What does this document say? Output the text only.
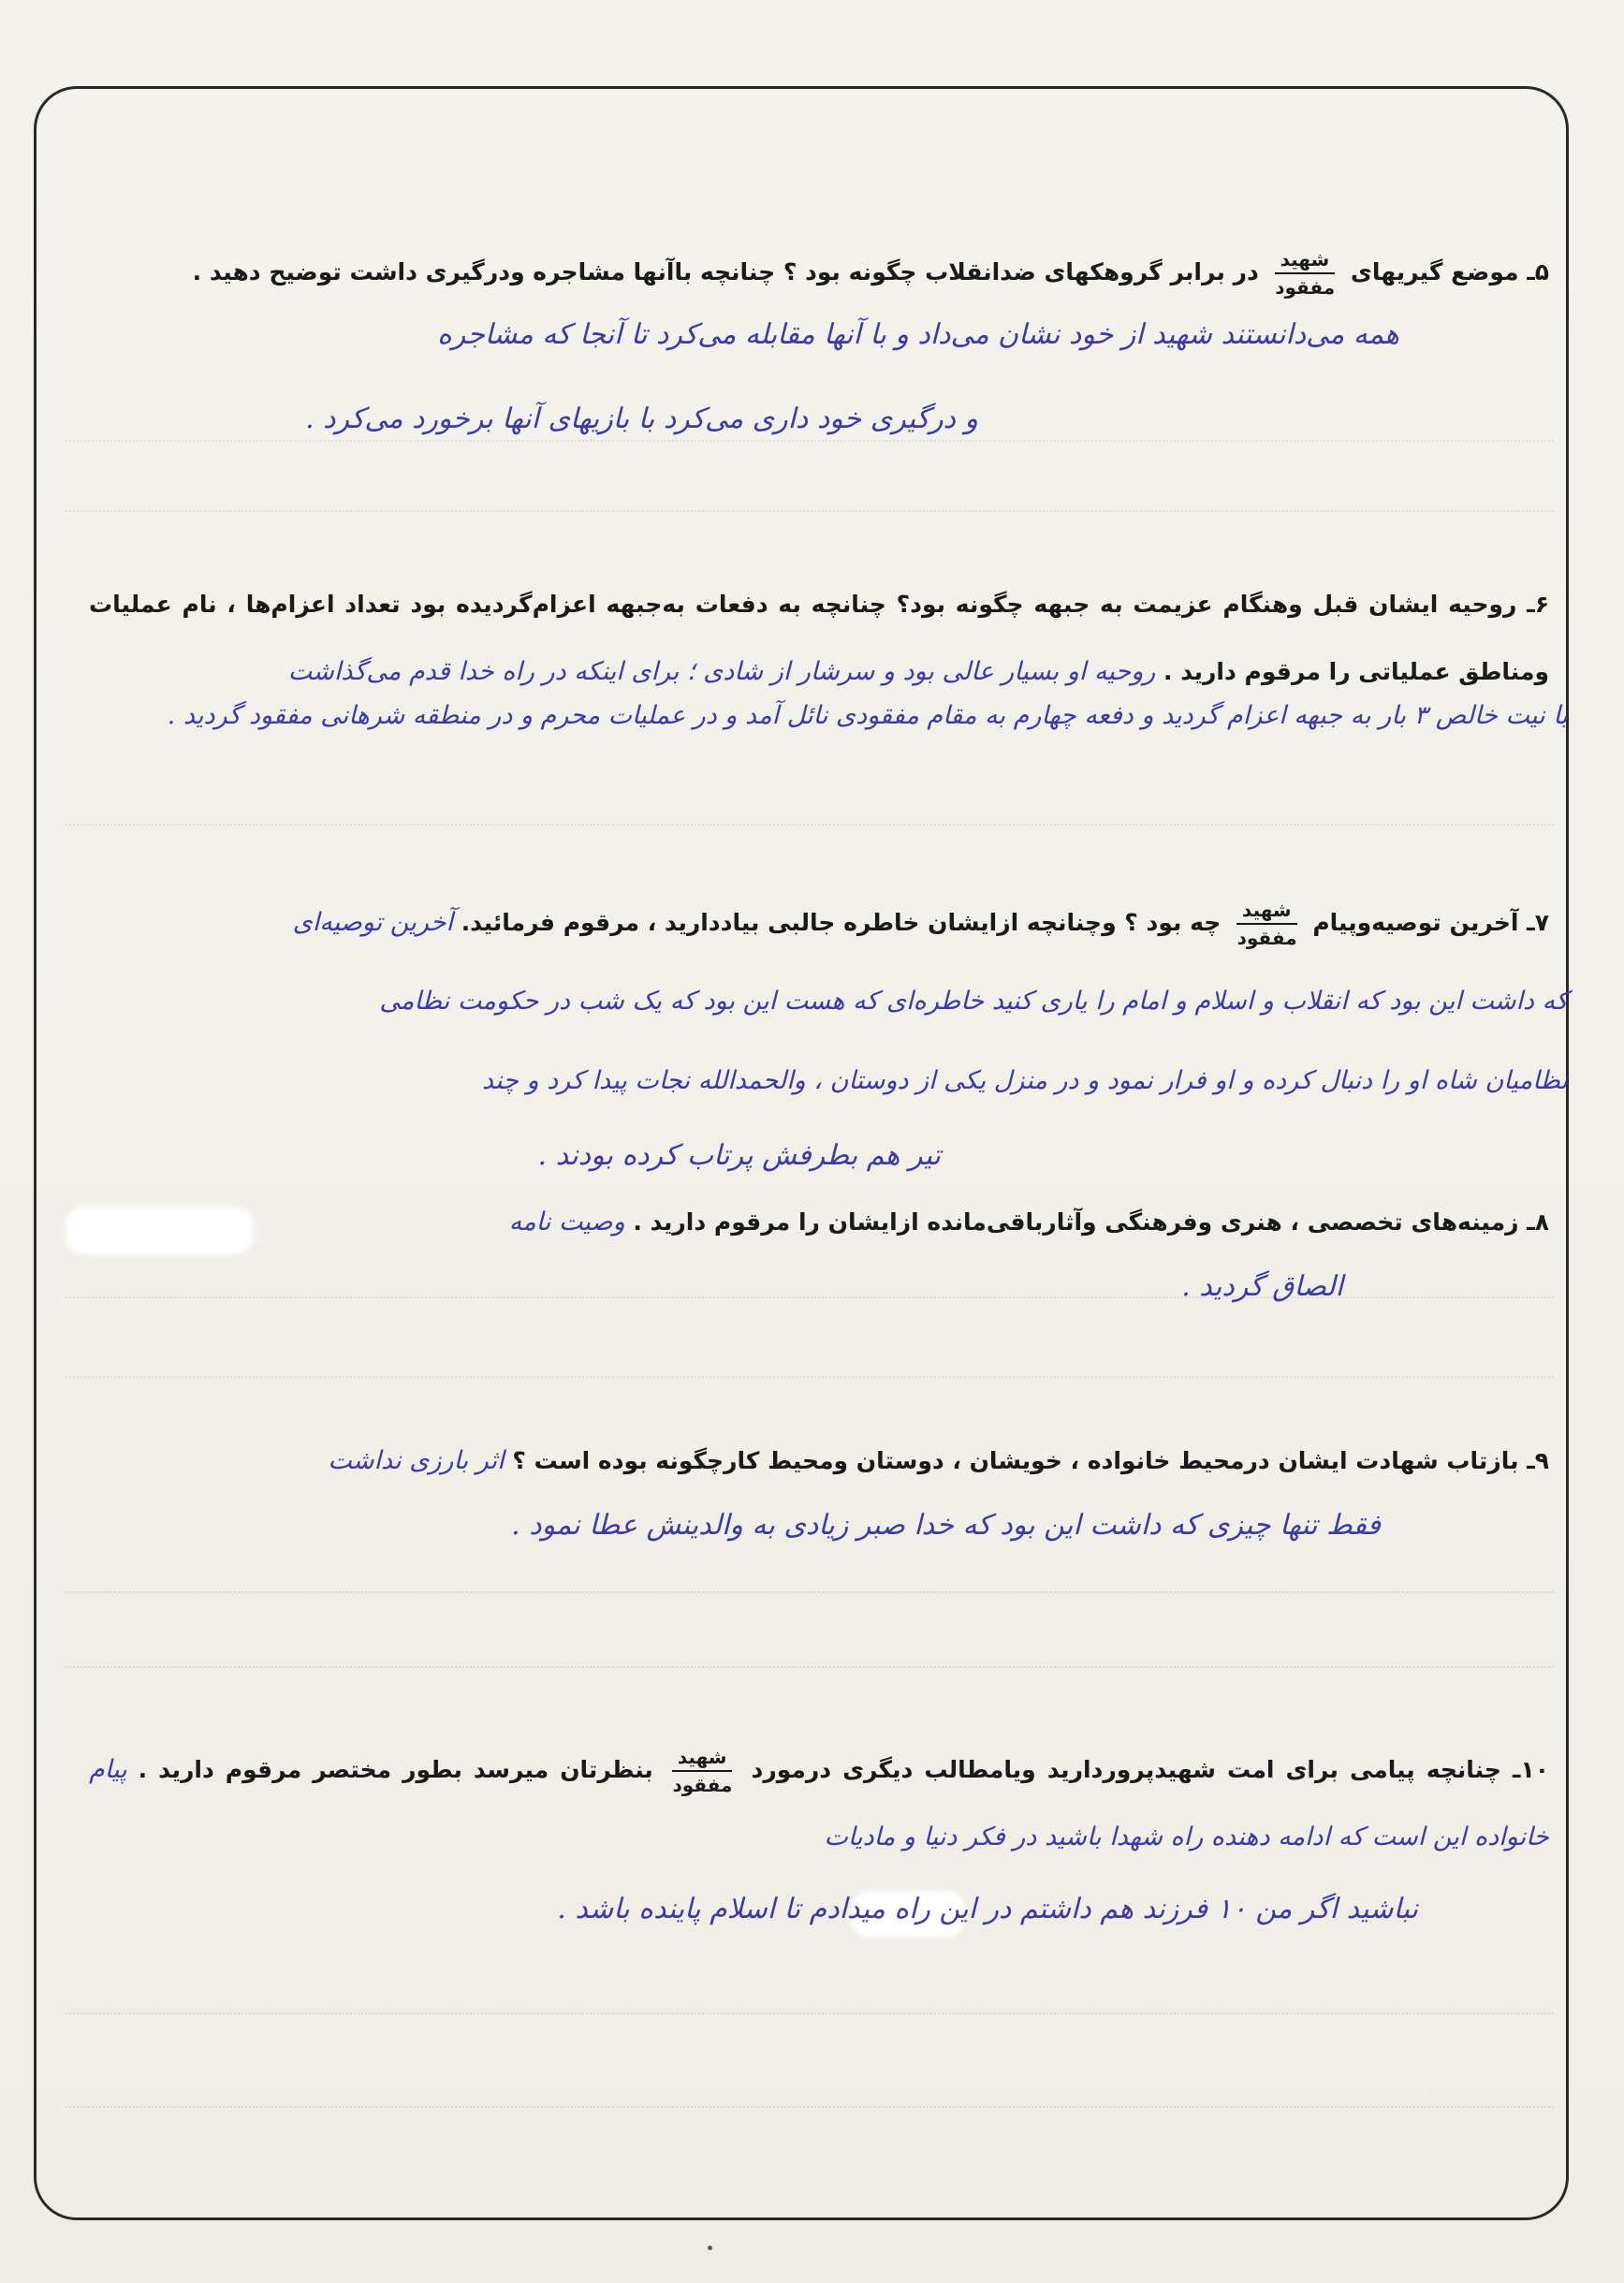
۵ـ موضع گیریهای
$\frac{\text{شهید}}{\text{مفقود}}$
در برابر گروهکهای ضدانقلاب چگونه بود ؟ چنانچه باآنها مشاجره ودرگیری داشت توضیح دهید .
همه می‌دانستند شهید از خود نشان می‌داد و با آنها مقابله می‌کرد تا آنجا که مشاجره
و درگیری خود داری می‌کرد با بازیهای آنها برخورد می‌کرد .
۶ـ روحیه ایشان قبل وهنگام عزیمت به جبهه چگونه بود؟ چنانچه به دفعات به‌جبهه اعزام‌گردیده بود تعداد اعزام‌ها ، نام عملیات ومناطق عملیاتی را مرقوم دارید . روحیه او بسیار عالی بود و سرشار از شادی ؛ برای اینکه در راه خدا قدم می‌گذاشت
با نیت خالص ۳ بار به جبهه اعزام گردید و دفعه چهارم به مقام مفقودی نائل آمد و در عملیات محرم و در منطقه شرهانی مفقود گردید .
۷ـ آخرین توصیه‌وپیام
$\frac{\text{شهید}}{\text{مفقود}}$
چه بود ؟ وچنانچه ازایشان خاطره جالبی بیاددارید ، مرقوم فرمائید. آخرین توصیه‌ای
که داشت این بود که انقلاب و اسلام و امام را یاری کنید خاطره‌ای که هست این بود که یک شب در حکومت نظامی
نظامیان شاه او را دنبال کرده و او فرار نمود و در منزل یکی از دوستان ، والحمدالله نجات پیدا کرد و چند
تیر هم بطرفش پرتاب کرده بودند .
۸ـ زمینه‌های تخصصی ، هنری وفرهنگی وآثارباقی‌مانده ازایشان را مرقوم دارید . وصیت نامه
الصاق گردید .
۹ـ بازتاب شهادت ایشان درمحیط خانواده ، خویشان ، دوستان ومحیط کارچگونه بوده است ؟ اثر بارزی نداشت
فقط تنها چیزی که داشت این بود که خدا صبر زیادی به والدینش عطا نمود .
۱۰ـ چنانچه پیامی برای امت شهیدپروردارید ویامطالب دیگری درمورد
$\frac{\text{شهید}}{\text{مفقود}}$
بنظرتان میرسد بطور مختصر مرقوم دارید . پیام خانواده این است که ادامه دهنده راه شهدا باشید در فکر دنیا و مادیات
نباشید اگر من ۱۰ فرزند هم داشتم در این راه میدادم تا اسلام پاینده باشد .
